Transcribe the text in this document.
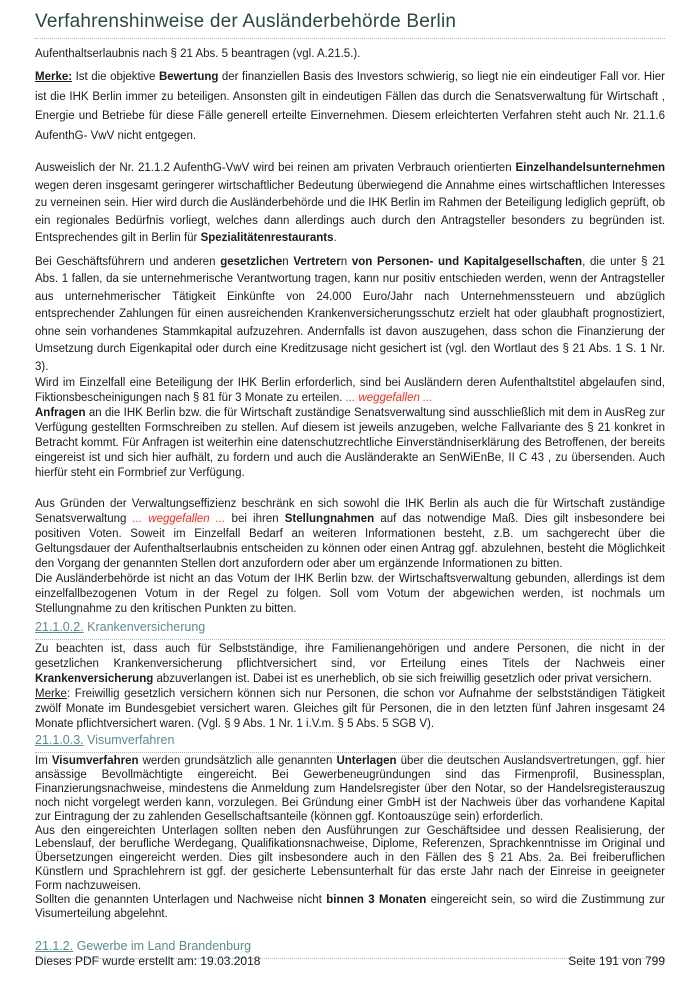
Verfahrenshinweise der Ausländerbehörde Berlin

Aufenthaltserlaubnis nach § 21 Abs. 5 beantragen (vgl. A.21.5.).

Merke: Ist die objektive Bewertung der finanziellen Basis des Investors schwierig, so liegt nie ein eindeutiger Fall vor. Hier ist die IHK Berlin immer zu beteiligen. Ansonsten gilt in eindeutigen Fällen das durch die Senatsverwaltung für Wirtschaft , Energie und Betriebe für diese Fälle generell erteilte Einvernehmen. Diesem erleichterten Verfahren steht auch Nr. 21.1.6 AufenthG- VwV nicht entgegen.

Ausweislich der Nr. 21.1.2 AufenthG-VwV wird bei reinen am privaten Verbrauch orientierten Einzelhandelsunternehmen wegen deren insgesamt geringerer wirtschaftlicher Bedeutung überwiegend die Annahme eines wirtschaftlichen Interesses zu verneinen sein. Hier wird durch die Ausländerbehörde und die IHK Berlin im Rahmen der Beteiligung lediglich geprüft, ob ein regionales Bedürfnis vorliegt, welches dann allerdings auch durch den Antragsteller besonders zu begründen ist. Entsprechendes gilt in Berlin für Spezialitätenrestaurants.

Bei Geschäftsführern und anderen gesetzlichen Vertretern von Personen- und Kapitalgesellschaften, die unter § 21 Abs. 1 fallen, da sie unternehmerische Verantwortung tragen, kann nur positiv entschieden werden, wenn der Antragsteller aus unternehmerischer Tätigkeit Einkünfte von 24.000 Euro/Jahr nach Unternehmenssteuern und abzüglich entsprechender Zahlungen für einen ausreichenden Krankenversicherungsschutz erzielt hat oder glaubhaft prognostiziert, ohne sein vorhandenes Stammkapital aufzuzehren. Andernfalls ist davon auszugehen, dass schon die Finanzierung der Umsetzung durch Eigenkapital oder durch eine Kreditzusage nicht gesichert ist (vgl. den Wortlaut des § 21 Abs. 1 S. 1 Nr. 3).

Wird im Einzelfall eine Beteiligung der IHK Berlin erforderlich, sind bei Ausländern deren Aufenthaltstitel abgelaufen sind, Fiktionsbescheinigungen nach § 81 für 3 Monate zu erteilen. ... weggefallen ...
Anfragen an die IHK Berlin bzw. die für Wirtschaft zuständige Senatsverwaltung sind ausschließlich mit dem in AusReg zur Verfügung gestellten Formschreiben zu stellen. Auf diesem ist jeweils anzugeben, welche Fallvariante des § 21 konkret in Betracht kommt. Für Anfragen ist weiterhin eine datenschutzrechtliche Einverständniserklärung des Betroffenen, der bereits eingereist ist und sich hier aufhält, zu fordern und auch die Ausländerakte an SenWiEnBe, II C 43 , zu übersenden. Auch hierfür steht ein Formbrief zur Verfügung.

Aus Gründen der Verwaltungseffizienz beschränk en sich sowohl die IHK Berlin als auch die für Wirtschaft zuständige Senatsverwaltung ... weggefallen ... bei ihren Stellungnahmen auf das notwendige Maß. Dies gilt insbesondere bei positiven Voten. Soweit im Einzelfall Bedarf an weiteren Informationen besteht, z.B. um sachgerecht über die Geltungsdauer der Aufenthaltserlaubnis entscheiden zu können oder einen Antrag ggf. abzulehnen, besteht die Möglichkeit den Vorgang der genannten Stellen dort anzufordern oder aber um ergänzende Informationen zu bitten.
Die Ausländerbehörde ist nicht an das Votum der IHK Berlin bzw. der Wirtschaftsverwaltung gebunden, allerdings ist dem einzelfallbezogenen Votum in der Regel zu folgen. Soll vom Votum der abgewichen werden, ist nochmals um Stellungnahme zu den kritischen Punkten zu bitten.

21.1.0.2. Krankenversicherung

Zu beachten ist, dass auch für Selbstständige, ihre Familienangehörigen und andere Personen, die nicht in der gesetzlichen Krankenversicherung pflichtversichert sind, vor Erteilung eines Titels der Nachweis einer Krankenversicherung abzuverlangen ist. Dabei ist es unerheblich, ob sie sich freiwillig gesetzlich oder privat versichern.
Merke: Freiwillig gesetzlich versichern können sich nur Personen, die schon vor Aufnahme der selbstständigen Tätigkeit zwölf Monate im Bundesgebiet versichert waren. Gleiches gilt für Personen, die in den letzten fünf Jahren insgesamt 24 Monate pflichtversichert waren. (Vgl. § 9 Abs. 1 Nr. 1 i.V.m. § 5 Abs. 5 SGB V).

21.1.0.3. Visumverfahren

Im Visumverfahren werden grundsätzlich alle genannten Unterlagen über die deutschen Auslandsvertretungen, ggf. hier ansässige Bevollmächtigte eingereicht. Bei Gewerbeneugründungen sind das Firmenprofil, Businessplan, Finanzierungsnachweise, mindestens die Anmeldung zum Handelsregister über den Notar, so der Handelsregisterauszug noch nicht vorgelegt werden kann, vorzulegen. Bei Gründung einer GmbH ist der Nachweis über das vorhandene Kapital zur Eintragung der zu zahlenden Gesellschaftsanteile (können ggf. Kontoauszüge sein) erforderlich.
Aus den eingereichten Unterlagen sollten neben den Ausführungen zur Geschäftsidee und dessen Realisierung, der Lebenslauf, der berufliche Werdegang, Qualifikationsnachweise, Diplome, Referenzen, Sprachkenntnisse im Original und Übersetzungen eingereicht werden. Dies gilt insbesondere auch in den Fällen des § 21 Abs. 2a. Bei freiberuflichen Künstlern und Sprachlehrern ist ggf. der gesicherte Lebensunterhalt für das erste Jahr nach der Einreise in geeigneter Form nachzuweisen.
Sollten die genannten Unterlagen und Nachweise nicht binnen 3 Monaten eingereicht sein, so wird die Zustimmung zur Visumerteilung abgelehnt.

21.1.2. Gewerbe im Land Brandenburg
Dieses PDF wurde erstellt am: 19.03.2018	Seite 191 von 799
